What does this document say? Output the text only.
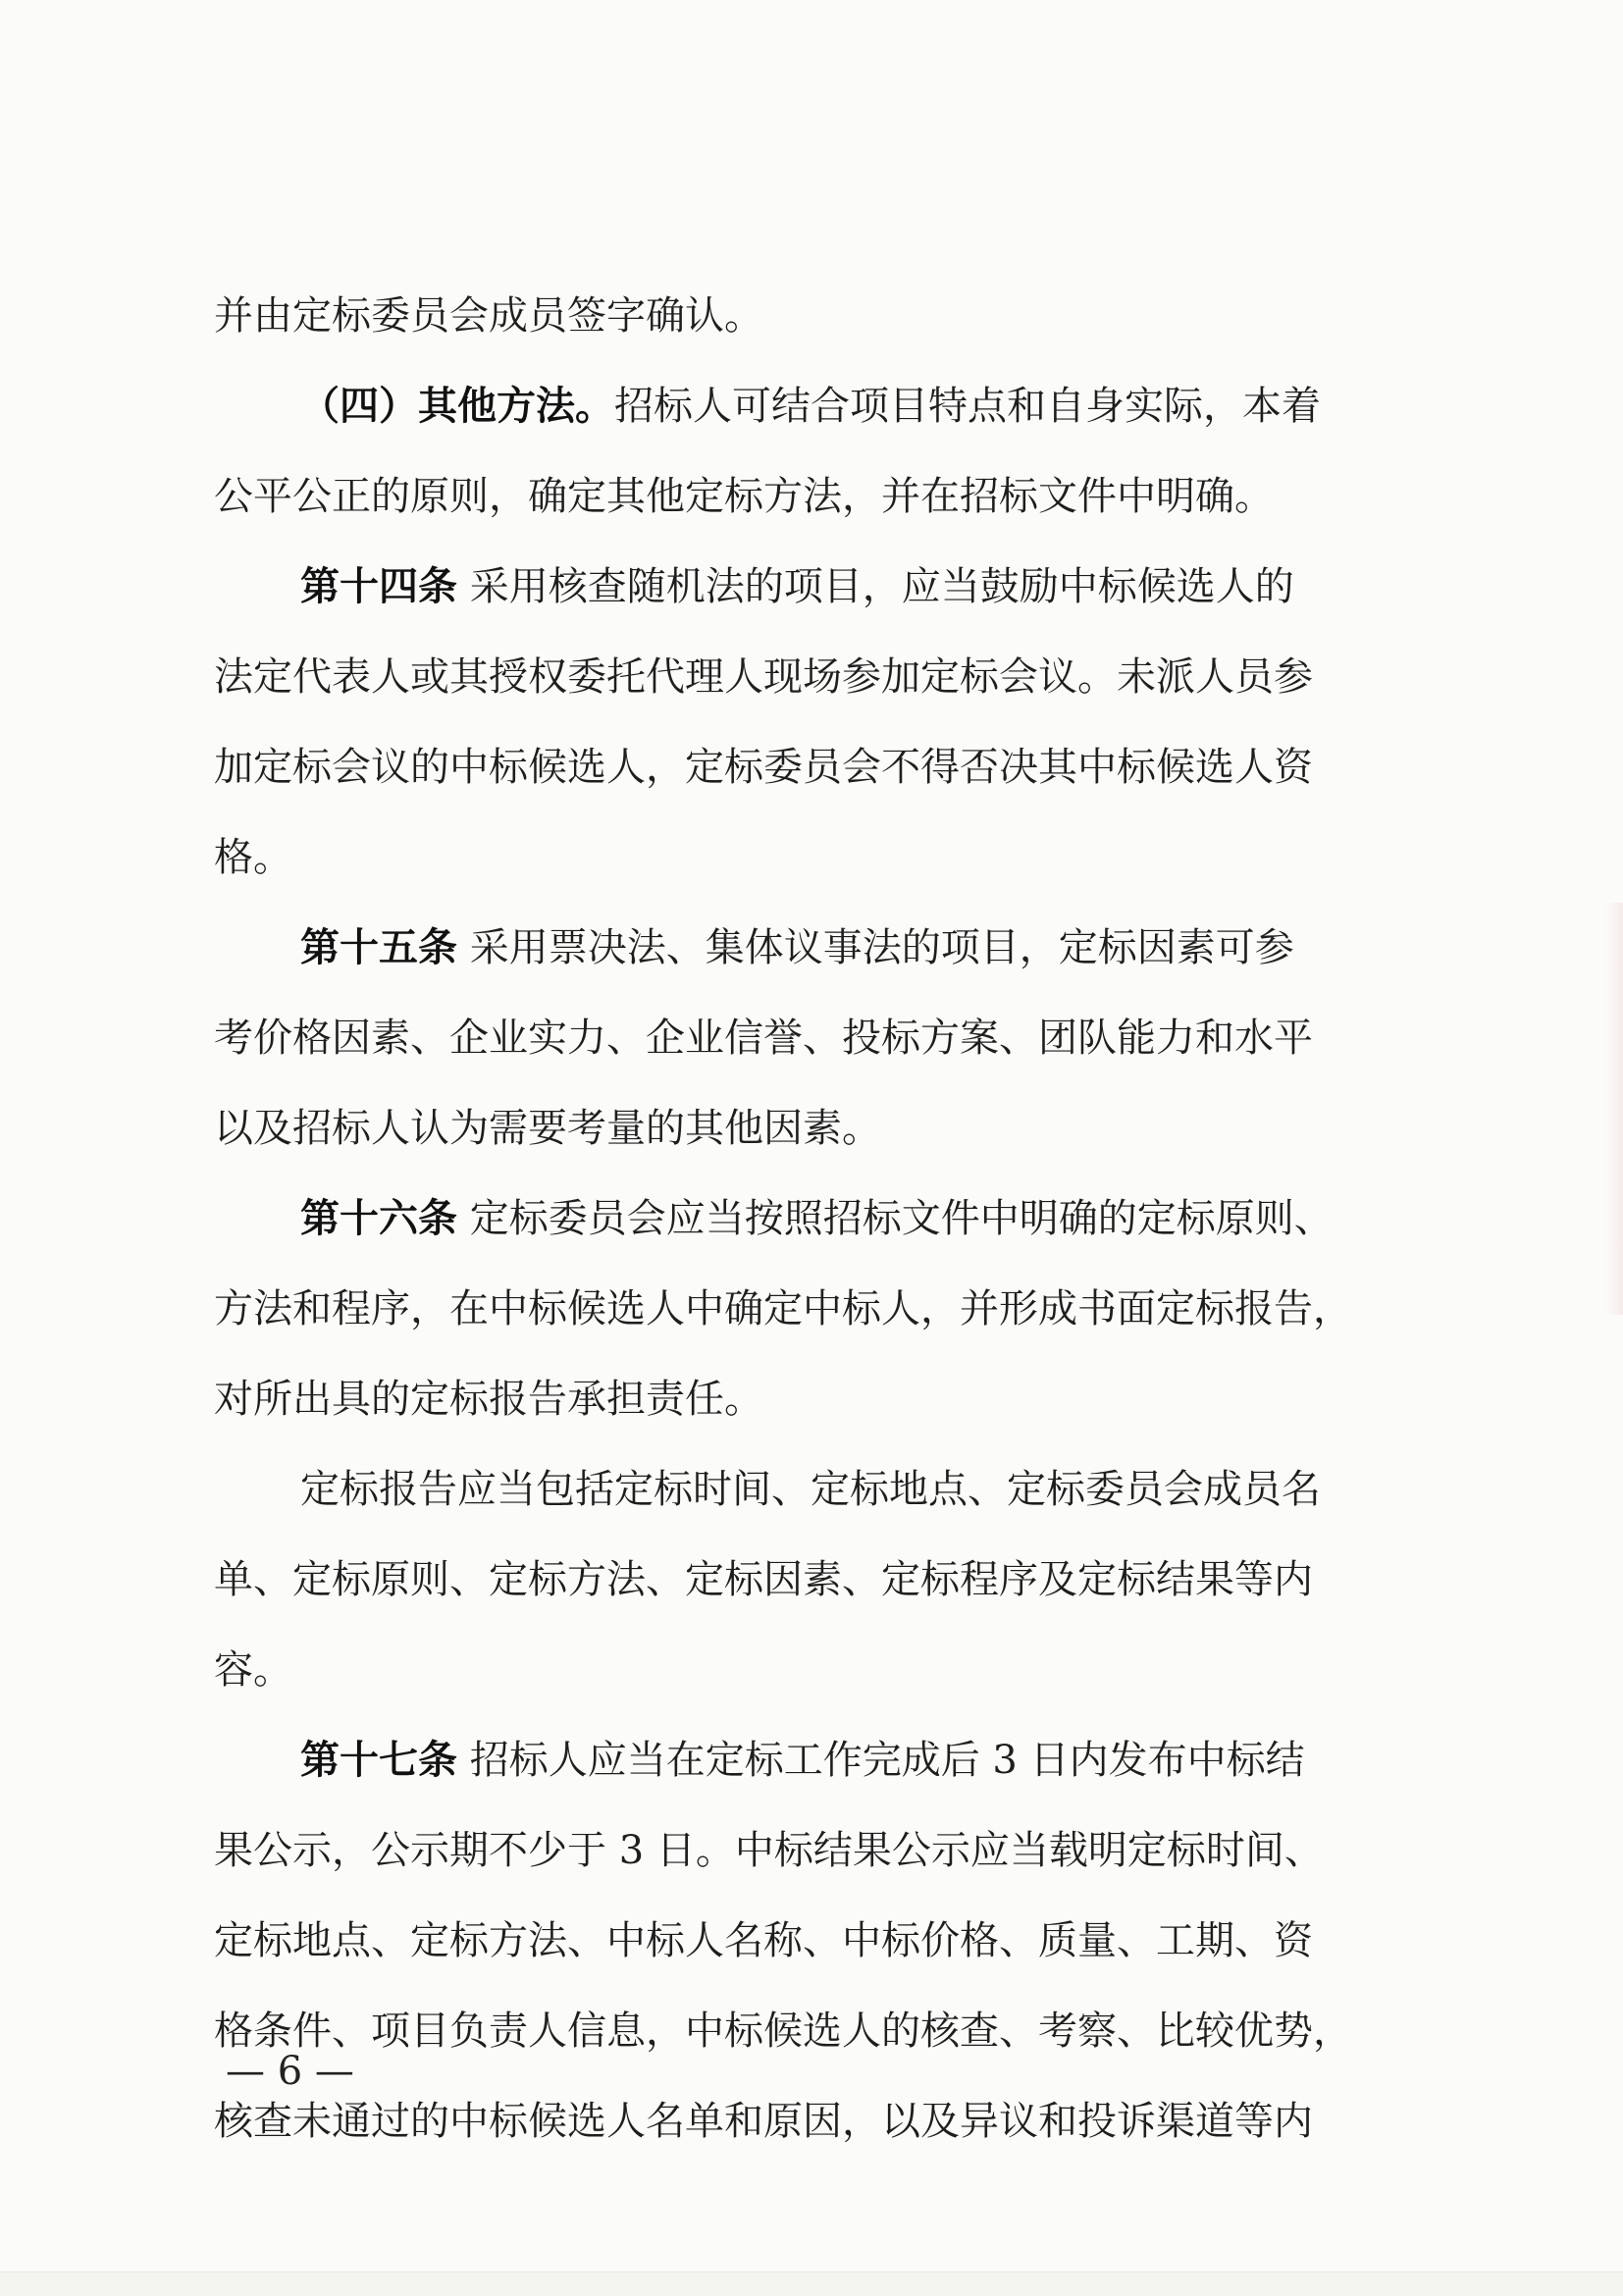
并由定标委员会成员签字确认。
（四）其他方法。招标人可结合项目特点和自身实际，本着
公平公正的原则，确定其他定标方法，并在招标文件中明确。
第十四条 采用核查随机法的项目，应当鼓励中标候选人的
法定代表人或其授权委托代理人现场参加定标会议。未派人员参
加定标会议的中标候选人，定标委员会不得否决其中标候选人资
格。
第十五条 采用票决法、集体议事法的项目，定标因素可参
考价格因素、企业实力、企业信誉、投标方案、团队能力和水平
以及招标人认为需要考量的其他因素。
第十六条 定标委员会应当按照招标文件中明确的定标原则、
方法和程序，在中标候选人中确定中标人，并形成书面定标报告，
对所出具的定标报告承担责任。
定标报告应当包括定标时间、定标地点、定标委员会成员名
单、定标原则、定标方法、定标因素、定标程序及定标结果等内
容。
第十七条 招标人应当在定标工作完成后 3 日内发布中标结
果公示，公示期不少于 3 日。中标结果公示应当载明定标时间、
定标地点、定标方法、中标人名称、中标价格、质量、工期、资
格条件、项目负责人信息，中标候选人的核查、考察、比较优势，
核查未通过的中标候选人名单和原因，以及异议和投诉渠道等内
— 6 —
